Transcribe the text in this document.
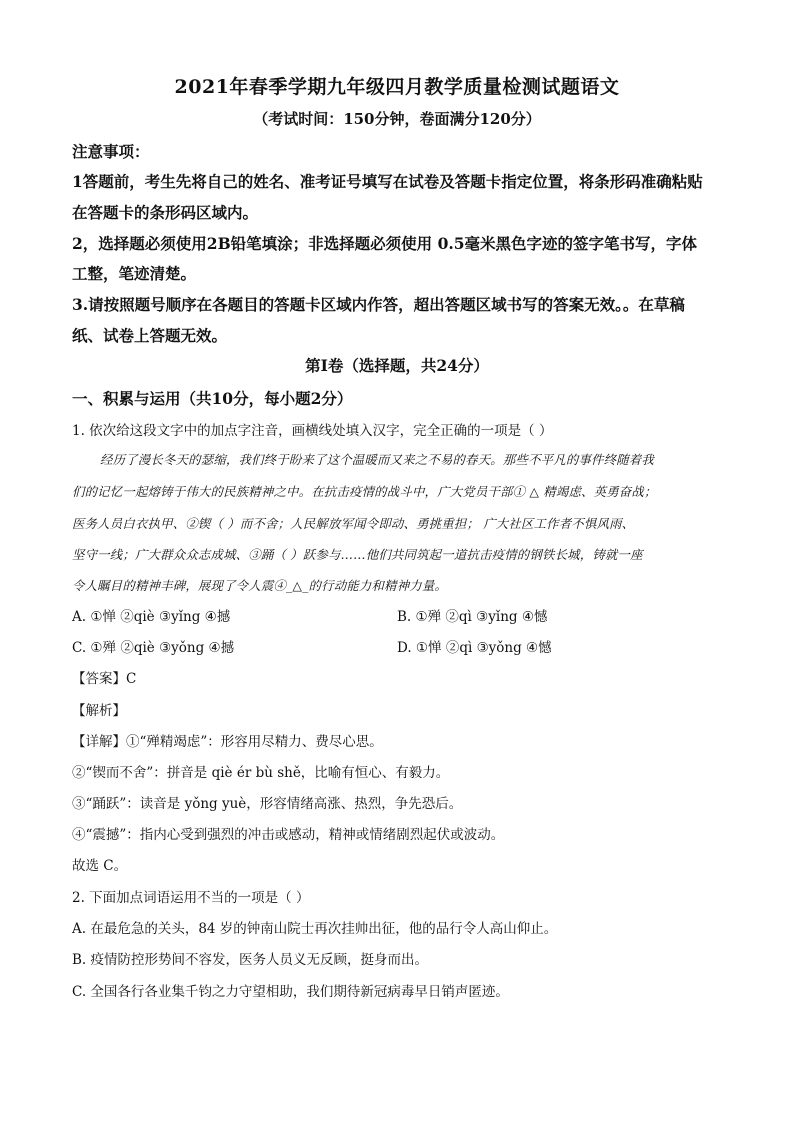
2021年春季学期九年级四月教学质量检测试题语文
（考试时间：150分钟，卷面满分120分）
注意事项：
1答题前，考生先将自己的姓名、准考证号填写在试卷及答题卡指定位置，将条形码准确粘贴
在答题卡的条形码区域内。
2，选择题必须使用2B铅笔填涂；非选择题必须使用 0.5毫米黑色字迹的签字笔书写，字体
工整，笔迹清楚。
3.请按照题号顺序在各题目的答题卡区域内作答，超出答题区域书写的答案无效。。在草稿
纸、试卷上答题无效。
第Ⅰ卷（选择题，共24分）
一、积累与运用（共10分，每小题2分）
1. 依次给这段文字中的加点字注音，画横线处填入汉字，完全正确的一项是（ ）
经历了漫长冬天的瑟缩，我们终于盼来了这个温暖而又来之不易的春天。那些不平凡的事件终随着我
们的记忆一起熔铸于伟大的民族精神之中。在抗击疫情的战斗中，广大党员干部① △ 精竭虑、英勇奋战；
医务人员白衣执甲、②锲（ ）而不舍；人民解放军闻令即动、勇挑重担； 广大社区工作者不惧风雨、
坚守一线；广大群众众志成城、③踊（ ）跃参与……他们共同筑起一道抗击疫情的钢铁长城，铸就一座
令人瞩目的精神丰碑，展现了令人震④_△_的行动能力和精神力量。
A. ①惮 ②qiè ③yǐng ④撼	B. ①殚 ②qì ③yǐng ④憾
C. ①殚 ②qiè ③yǒng ④撼	D. ①惮 ②qì ③yǒng ④憾
【答案】C
【解析】
【详解】①“殚精竭虑”：形容用尽精力、费尽心思。
②“锲而不舍”：拼音是 qiè ér bù shě，比喻有恒心、有毅力。
③“踊跃”：读音是 yǒng yuè，形容情绪高涨、热烈，争先恐后。
④“震撼”：指内心受到强烈的冲击或感动，精神或情绪剧烈起伏或波动。
故选 C。
2. 下面加点词语运用不当的一项是（ ）
A. 在最危急的关头，84 岁的钟南山院士再次挂帅出征，他的品行令人高山仰止。
B. 疫情防控形势间不容发，医务人员义无反顾，挺身而出。
C. 全国各行各业集千钧之力守望相助，我们期待新冠病毒早日销声匿迹。
